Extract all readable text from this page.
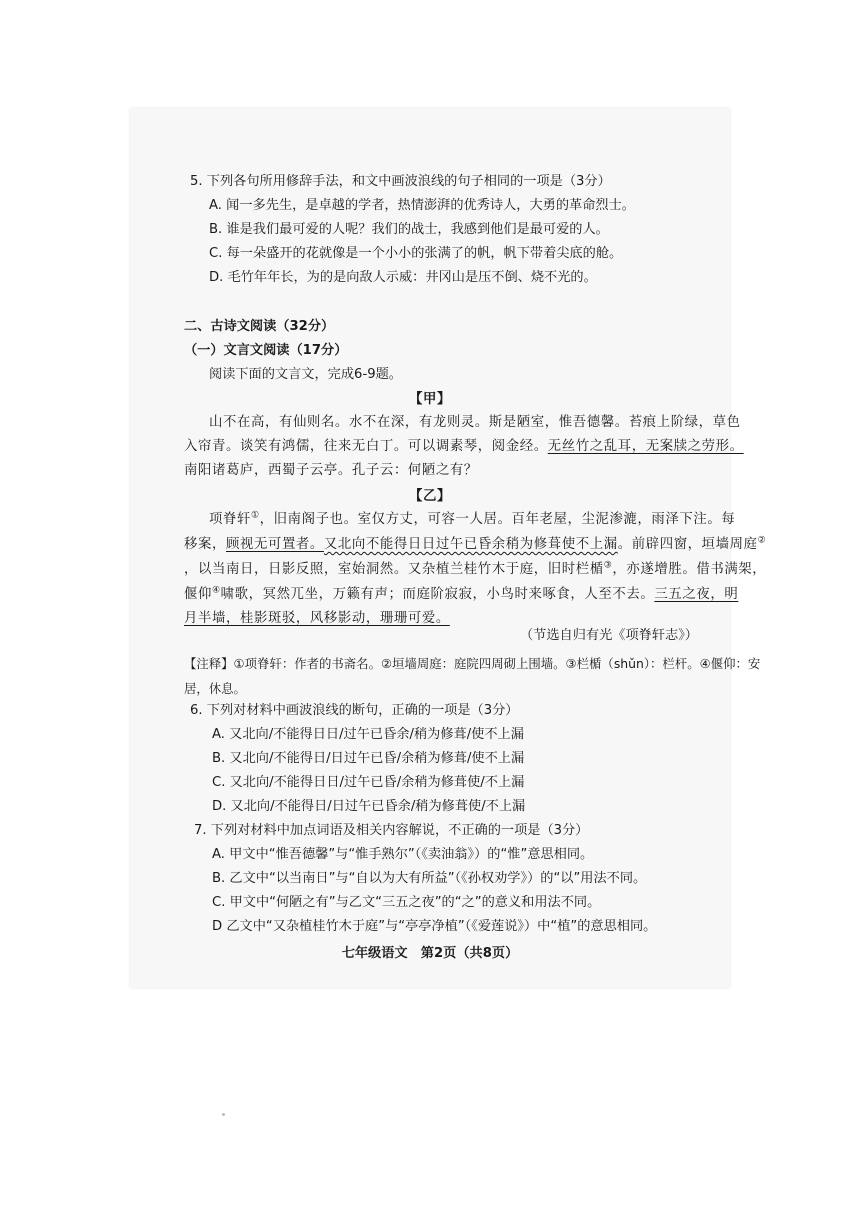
5. 下列各句所用修辞手法，和文中画波浪线的句子相同的一项是（3分）
A. 闻一多先生，是卓越的学者，热情澎湃的优秀诗人，大勇的革命烈士。
B. 谁是我们最可爱的人呢？我们的战士，我感到他们是最可爱的人。
C. 每一朵盛开的花就像是一个小小的张满了的帆，帆下带着尖底的舱。
D. 毛竹年年长，为的是向敌人示威：井冈山是压不倒、烧不光的。
二、古诗文阅读（32分）
（一）文言文阅读（17分）
阅读下面的文言文，完成6-9题。
【甲】
山不在高，有仙则名。水不在深，有龙则灵。斯是陋室，惟吾德馨。苔痕上阶绿，草色
入帘青。谈笑有鸿儒，往来无白丁。可以调素琴，阅金经。无丝竹之乱耳，无案牍之劳形。
南阳诸葛庐，西蜀子云亭。孔子云：何陋之有？
【乙】
项脊轩①，旧南阁子也。室仅方丈，可容一人居。百年老屋，尘泥渗漉，雨泽下注。每
移案，顾视无可置者。又北向不能得日日过午已昏余稍为修葺使不上漏。前辟四窗，垣墙周庭②
，以当南日，日影反照，室始洞然。又杂植兰桂竹木于庭，旧时栏楯③，亦遂增胜。借书满架，
偃仰④啸歌，冥然兀坐，万籁有声；而庭阶寂寂，小鸟时来啄食，人至不去。三五之夜，明
月半墙，桂影斑驳，风移影动，珊珊可爱。
（节选自归有光《项脊轩志》）
【注释】①项脊轩：作者的书斋名。②垣墙周庭：庭院四周砌上围墙。③栏楯（shǔn）：栏杆。④偃仰：安
居，休息。
6. 下列对材料中画波浪线的断句，正确的一项是（3分）
A. 又北向/不能得日日/过午已昏余/稍为修葺/使不上漏
B. 又北向/不能得日/日过午已昏/余稍为修葺/使不上漏
C. 又北向/不能得日日/过午已昏/余稍为修葺使/不上漏
D. 又北向/不能得日/日过午已昏余/稍为修葺使/不上漏
7. 下列对材料中加点词语及相关内容解说，不正确的一项是（3分）
A. 甲文中“惟吾德馨”与“惟手熟尔”（《卖油翁》）的“惟”意思相同。
B. 乙文中“以当南日”与“自以为大有所益”（《孙权劝学》）的“以”用法不同。
C. 甲文中“何陋之有”与乙文“三五之夜”的“之”的意义和用法不同。
D 乙文中“又杂植桂竹木于庭”与“亭亭净植”（《爱莲说》）中“植”的意思相同。
七年级语文　第2页（共8页）
